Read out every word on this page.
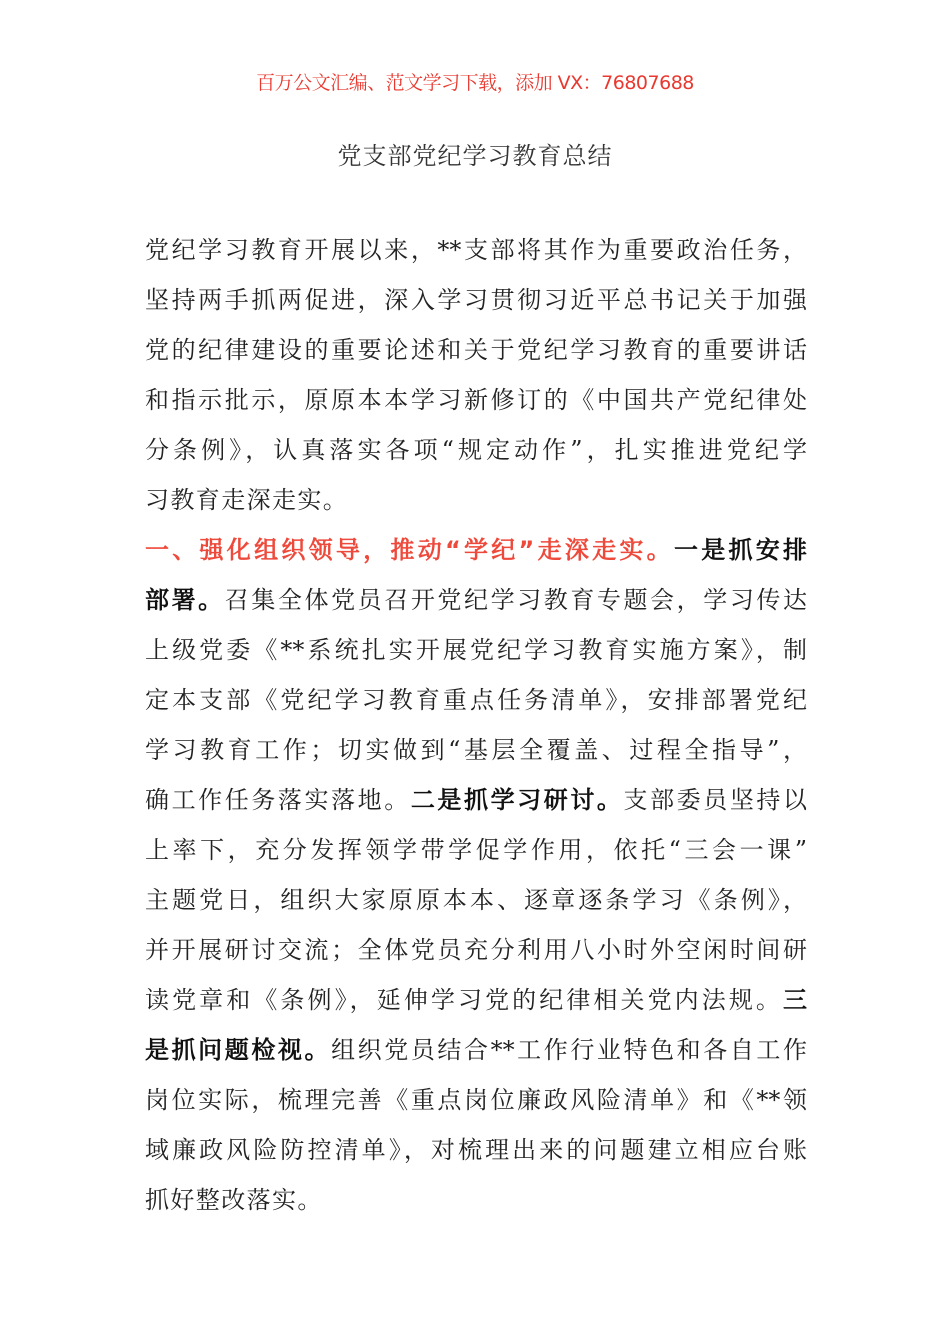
百万公文汇编、范文学习下载，添加 VX：76807688
党支部党纪学习教育总结
党纪学习教育开展以来，**支部将其作为重要政治任务，
坚持两手抓两促进，深入学习贯彻习近平总书记关于加强
党的纪律建设的重要论述和关于党纪学习教育的重要讲话
和指示批示，原原本本学习新修订的《中国共产党纪律处
分条例》，认真落实各项“规定动作”，扎实推进党纪学
习教育走深走实。
一、强化组织领导，推动“学纪”走深走实。一是抓安排
部署。召集全体党员召开党纪学习教育专题会，学习传达
上级党委《**系统扎实开展党纪学习教育实施方案》，制
定本支部《党纪学习教育重点任务清单》，安排部署党纪
学习教育工作；切实做到“基层全覆盖、过程全指导”，
确工作任务落实落地。二是抓学习研讨。支部委员坚持以
上率下，充分发挥领学带学促学作用，依托“三会一课”
主题党日，组织大家原原本本、逐章逐条学习《条例》，
并开展研讨交流；全体党员充分利用八小时外空闲时间研
读党章和《条例》，延伸学习党的纪律相关党内法规。三
是抓问题检视。组织党员结合**工作行业特色和各自工作
岗位实际，梳理完善《重点岗位廉政风险清单》和《**领
域廉政风险防控清单》，对梳理出来的问题建立相应台账
抓好整改落实。
